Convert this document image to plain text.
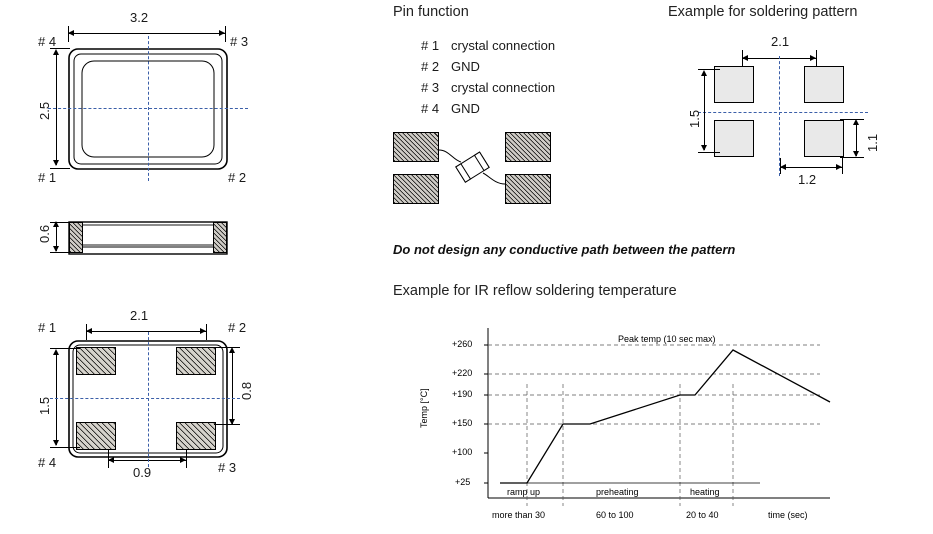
3.2
# 4	# 3
# 1	# 2
2.5
0.6
2.1
# 1	# 2
# 4	# 3
1.5
0.8
0.9
Pin function
# 1 crystal connection
# 2 GND
# 3 crystal connection
# 4 GND
Example for soldering pattern
2.1
1.5
1.1
1.2
Do not design any conductive path between the pattern
Example for IR reflow soldering temperature
Temp [°C]
+260
+220
+190
+150
+100
+25
Peak temp (10 sec max)
ramp up	preheating	heating
more than 30	60 to 100	20 to 40	time (sec)
